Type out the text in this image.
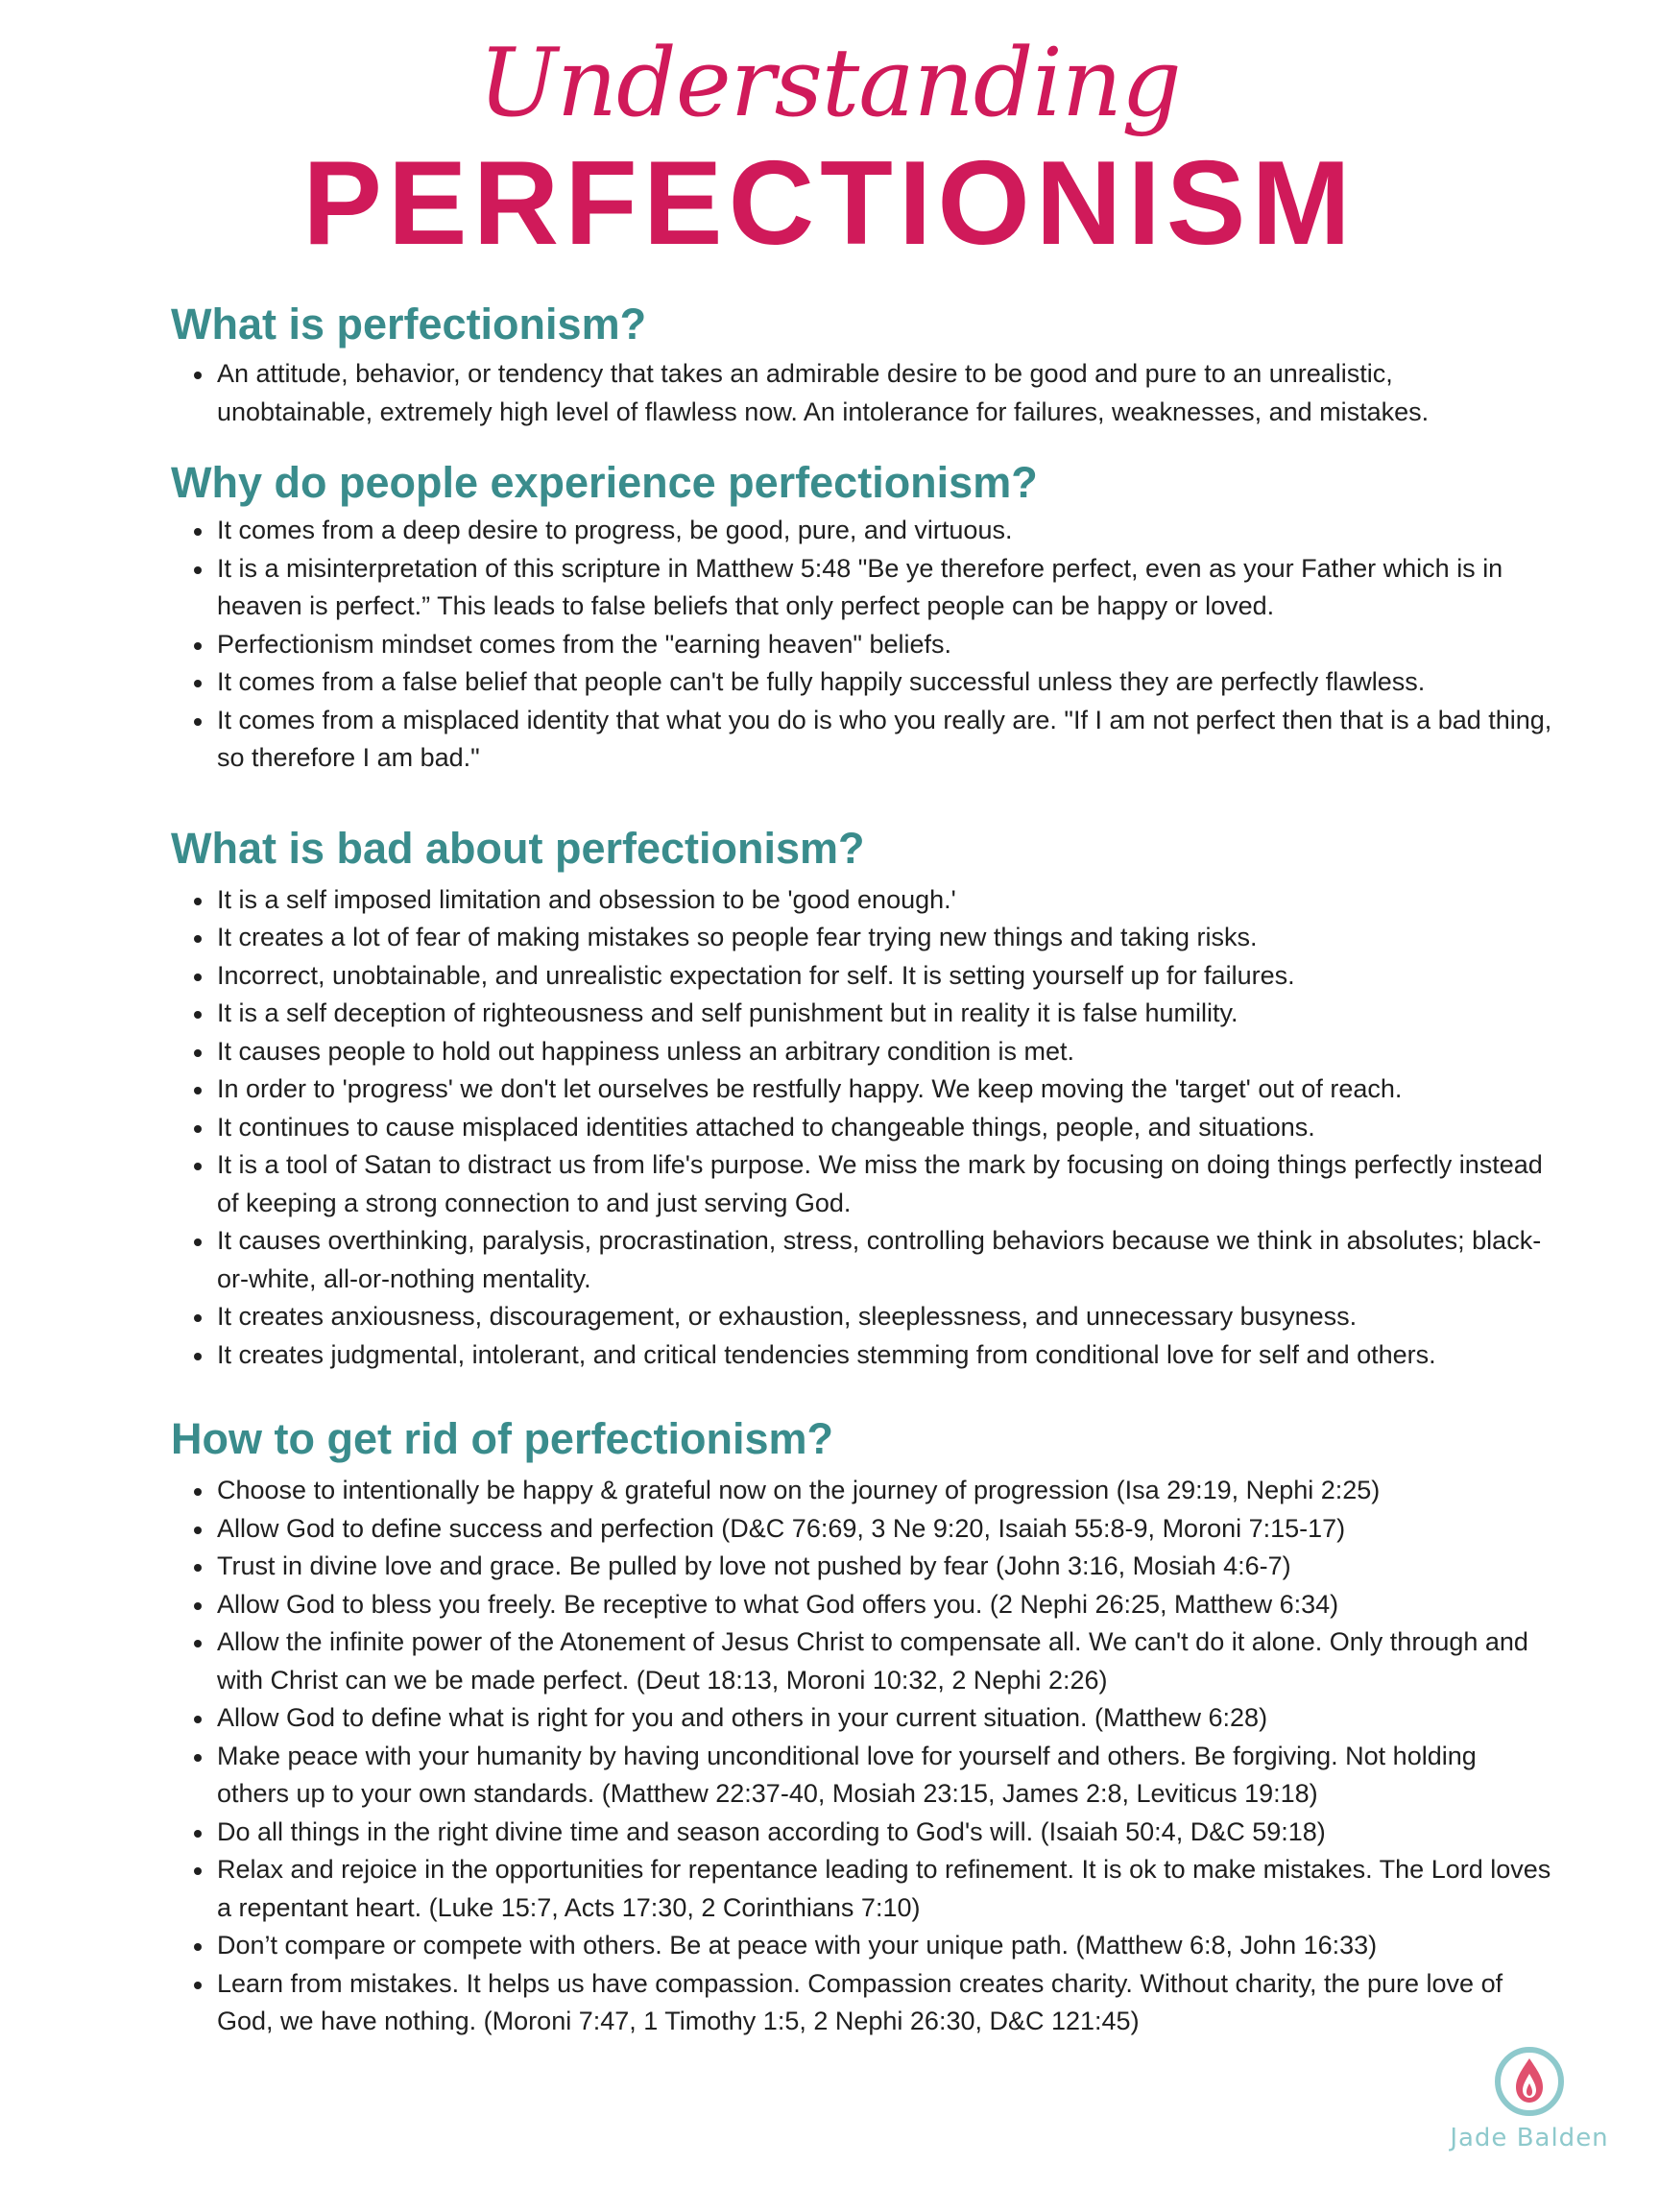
Understanding
PERFECTIONISM
What is perfectionism?
An attitude, behavior, or tendency that takes an admirable desire to be good and pure to an unrealistic, unobtainable, extremely high level of flawless now. An intolerance for failures, weaknesses, and mistakes.
Why do people experience perfectionism?
It comes from a deep desire to progress, be good, pure, and virtuous.
It is a misinterpretation of this scripture in Matthew 5:48 "Be ye therefore perfect, even as your Father which is in heaven is perfect.” This leads to false beliefs that only perfect people can be happy or loved.
Perfectionism mindset comes from the "earning heaven" beliefs.
It comes from a false belief that people can't be fully happily successful unless they are perfectly flawless.
It comes from a misplaced identity that what you do is who you really are. "If I am not perfect then that is a bad thing, so therefore I am bad."
What is bad about perfectionism?
It is a self imposed limitation and obsession to be 'good enough.'
It creates a lot of fear of making mistakes so people fear trying new things and taking risks.
Incorrect, unobtainable, and unrealistic expectation for self. It is setting yourself up for failures.
It is a self deception of righteousness and self punishment but in reality it is false humility.
It causes people to hold out happiness unless an arbitrary condition is met.
In order to 'progress' we don't let ourselves be restfully happy. We keep moving the 'target' out of reach.
It continues to cause misplaced identities attached to changeable things, people, and situations.
It is a tool of Satan to distract us from life's purpose. We miss the mark by focusing on doing things perfectly instead of keeping a strong connection to and just serving God.
It causes overthinking, paralysis, procrastination, stress, controlling behaviors because we think in absolutes; black-or-white, all-or-nothing mentality.
It creates anxiousness, discouragement, or exhaustion, sleeplessness, and unnecessary busyness.
It creates judgmental, intolerant, and critical tendencies stemming from conditional love for self and others.
How to get rid of perfectionism?
Choose to intentionally be happy & grateful now on the journey of progression (Isa 29:19, Nephi 2:25)
Allow God to define success and perfection (D&C 76:69, 3 Ne 9:20, Isaiah 55:8-9, Moroni 7:15-17)
Trust in divine love and grace. Be pulled by love not pushed by fear (John 3:16, Mosiah 4:6-7)
Allow God to bless you freely. Be receptive to what God offers you. (2 Nephi 26:25, Matthew 6:34)
Allow the infinite power of the Atonement of Jesus Christ to compensate all. We can't do it alone. Only through and with Christ can we be made perfect. (Deut 18:13, Moroni 10:32, 2 Nephi 2:26)
Allow God to define what is right for you and others in your current situation. (Matthew 6:28)
Make peace with your humanity by having unconditional love for yourself and others. Be forgiving. Not holding others up to your own standards. (Matthew 22:37-40, Mosiah 23:15, James 2:8, Leviticus 19:18)
Do all things in the right divine time and season according to God's will. (Isaiah 50:4, D&C 59:18)
Relax and rejoice in the opportunities for repentance leading to refinement. It is ok to make mistakes. The Lord loves a repentant heart. (Luke 15:7, Acts 17:30, 2 Corinthians 7:10)
Don’t compare or compete with others. Be at peace with your unique path. (Matthew 6:8, John 16:33)
Learn from mistakes. It helps us have compassion. Compassion creates charity. Without charity, the pure love of God, we have nothing. (Moroni 7:47, 1 Timothy 1:5, 2 Nephi 26:30, D&C 121:45)
Jade Balden
